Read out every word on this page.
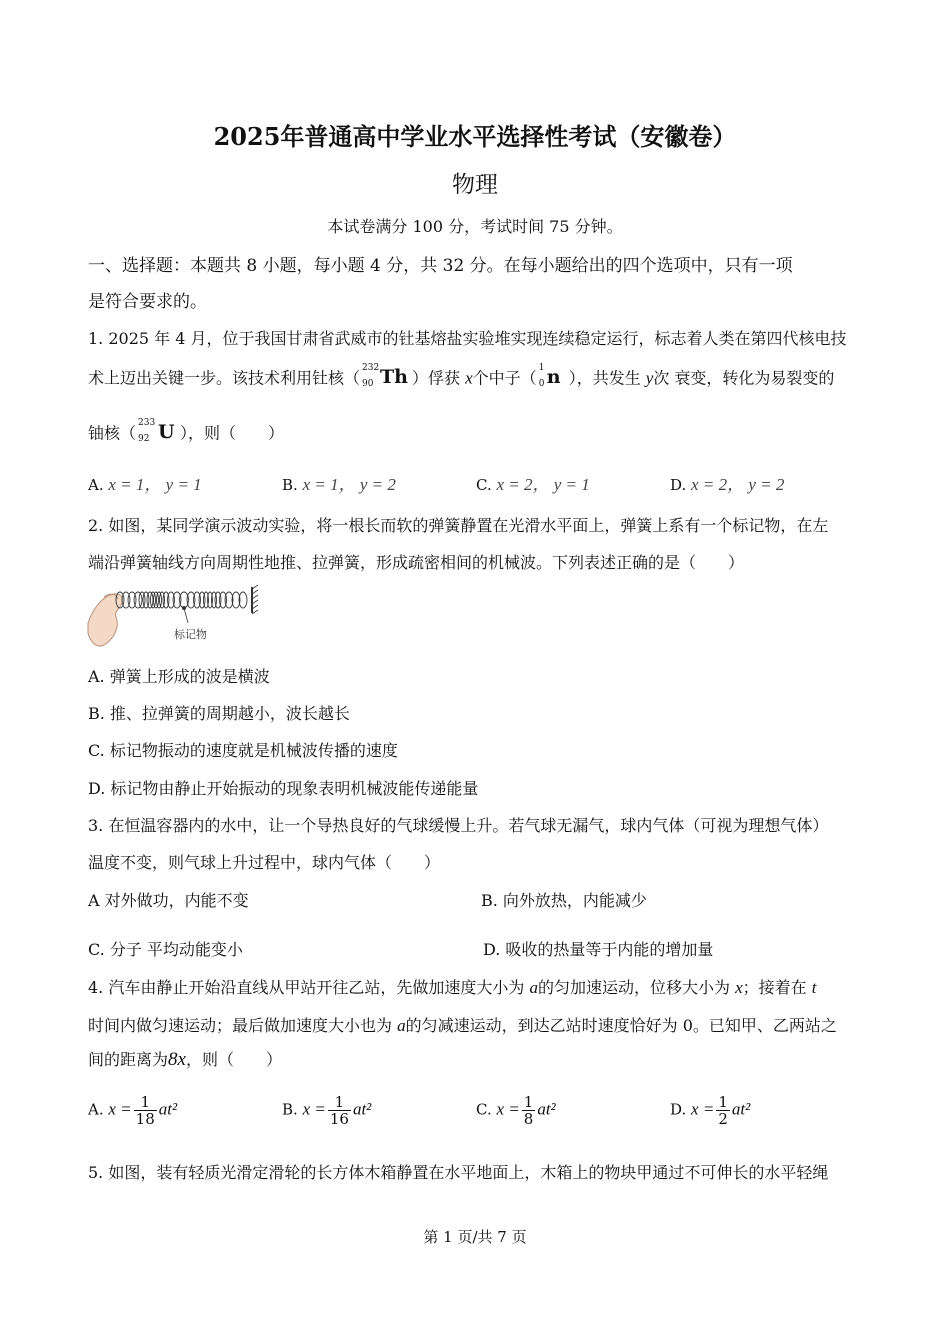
2025年普通高中学业水平选择性考试（安徽卷）
物理
本试卷满分 100 分，考试时间 75 分钟。
一、选择题：本题共 8 小题，每小题 4 分，共 32 分。在每小题给出的四个选项中，只有一项
是符合要求的。
1. 2025 年 4 月，位于我国甘肃省武威市的钍基熔盐实验堆实现连续稳定运行，标志着人类在第四代核电技
术上迈出关键一步。该技术利用钍核（
232
90 Th ）俘获 x个中子（
1
0 n ），共发生 y次 衰变，转化为易裂变的
铀核（
233
92 U ），则（　　）
A. x = 1， y = 1	B. x = 1， y = 2	C. x = 2， y = 1	D. x = 2， y = 2
2. 如图，某同学演示波动实验，将一根长而软的弹簧静置在光滑水平面上，弹簧上系有一个标记物，在左
端沿弹簧轴线方向周期性地推、拉弹簧，形成疏密相间的机械波。下列表述正确的是（　　）
标记物
A. 弹簧上形成的波是横波
B. 推、拉弹簧的周期越小，波长越长
C. 标记物振动的速度就是机械波传播的速度
D. 标记物由静止开始振动的现象表明机械波能传递能量
3. 在恒温容器内的水中，让一个导热良好的气球缓慢上升。若气球无漏气，球内气体（可视为理想气体）
温度不变，则气球上升过程中，球内气体（　　）
A 对外做功，内能不变	B. 向外放热，内能减少
C. 分子 平均动能变小	D. 吸收的热量等于内能的增加量
4. 汽车由静止开始沿直线从甲站开往乙站，先做加速度大小为 a的匀加速运动，位移大小为 x；接着在 t
时间内做匀速运动；最后做加速度大小也为 a的匀减速运动，到达乙站时速度恰好为 0。已知甲、乙两站之
间的距离为8x，则（　　）
A. $x = \frac{1}{18} at^2$	B. $x = \frac{1}{16} at^2$	C. $x = \frac{1}{8} at^2$	D. $x = \frac{1}{2} at^2$
5. 如图，装有轻质光滑定滑轮的长方体木箱静置在水平地面上，木箱上的物块甲通过不可伸长的水平轻绳
第 1 页/共 7 页
